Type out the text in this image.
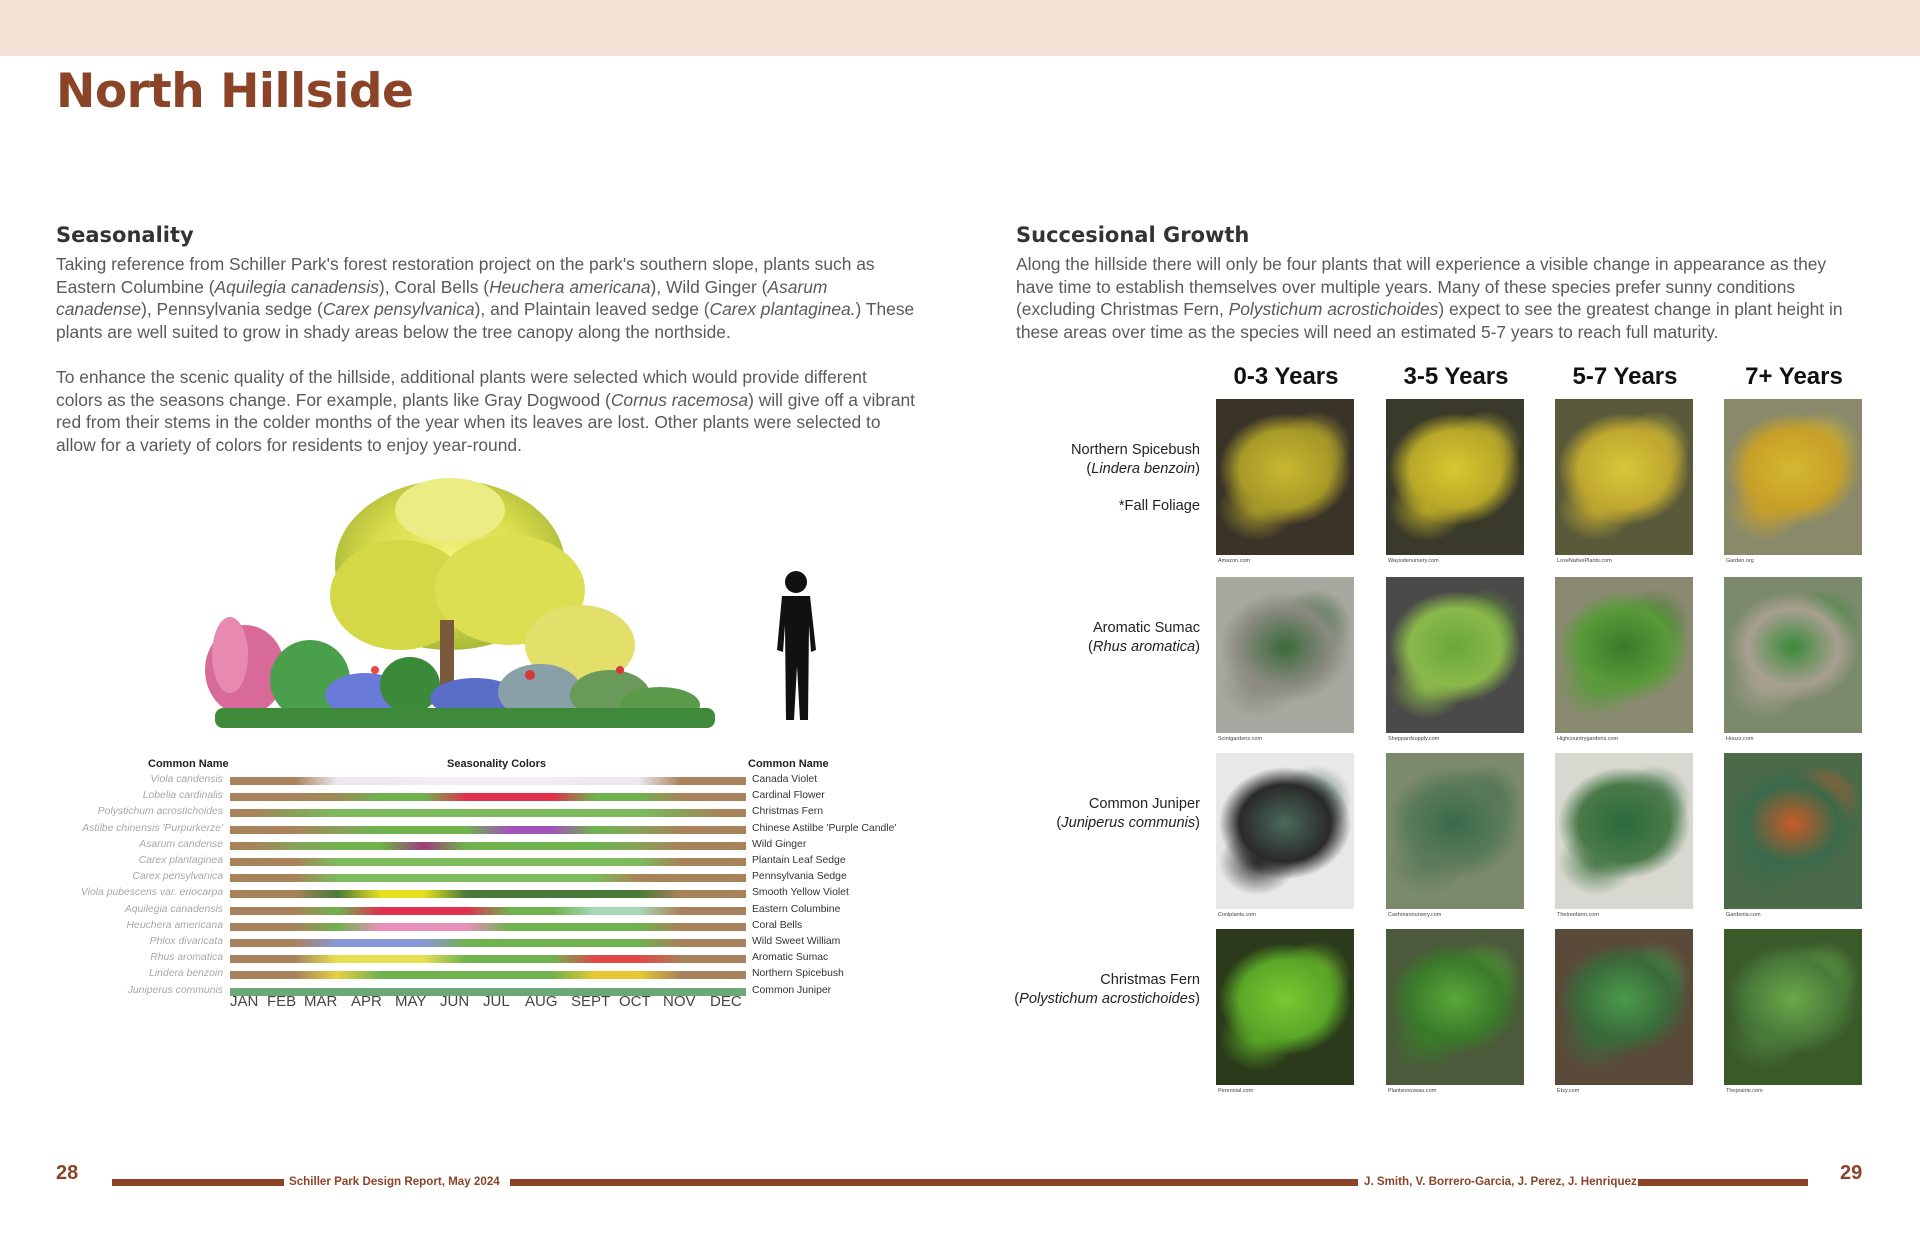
North Hillside
Seasonality

Taking reference from Schiller Park's forest restoration project on the park's southern slope, plants such as Eastern Columbine (Aquilegia canadensis), Coral Bells (Heuchera americana), Wild Ginger (Asarum canadense), Pennsylvania sedge (Carex pensylvanica), and Plaintain leaved sedge (Carex plantaginea.) These plants are well suited to grow in shady areas below the tree canopy along the northside.

To enhance the scenic quality of the hillside, additional plants were selected which would provide different colors as the seasons change. For example, plants like Gray Dogwood (Cornus racemosa) will give off a vibrant red from their stems in the colder months of the year when its leaves are lost. Other plants were selected to allow for a variety of colors for residents to enjoy year-round.

Common Name	Seasonality Colors	Common Name
Viola candensis	Canada Violet
Lobelia cardinalis	Cardinal Flower
Polystichum acrostichoides	Christmas Fern
Astilbe chinensis 'Purpurkerze'	Chinese Astilbe 'Purple Candle'
Asarum candense	Wild Ginger
Carex plantaginea	Plantain Leaf Sedge
Carex pensylvanica	Pennsylvania Sedge
Viola pubescens var. eriocarpa	Smooth Yellow Violet
Aquilegia canadensis	Eastern Columbine
Heuchera americana	Coral Bells
Phlox divaricata	Wild Sweet William
Rhus aromatica	Aromatic Sumac
Lindera benzoin	Northern Spicebush
Juniperus communis	Common Juniper
JAN FEB MAR APR MAY JUN JUL AUG SEPT OCT NOV DEC
Succesional Growth

Along the hillside there will only be four plants that will experience a visible change in appearance as they have time to establish themselves over multiple years. Many of these species prefer sunny conditions (excluding Christmas Fern, Polystichum acrostichoides) expect to see the greatest change in plant height in these areas over time as the species will need an estimated 5-7 years to reach full maturity.

0-3 Years	3-5 Years	5-7 Years	7+ Years
Northern Spicebush
(Lindera benzoin)
*Fall Foliage
Amazon.com	Waysidenursery.com	LoveNativePlants.com	Garden.org
Aromatic Sumac
(Rhus aromatica)
Scintgardens.com	Sheppardsupply.com	Highcountrygardens.com	Houzz.com
Common Juniper
(Juniperus communis)
Coolplants.com	Cashmannursery.com	Thetreefarm.com	Gardenia.com
Christmas Fern
(Polystichum acrostichoides)
Perennial.com	Plantsnouveau.com	Etsy.com	Theprairie.com
28	Schiller Park Design Report, May 2024	J. Smith, V. Borrero-Garcia, J. Perez, J. Henriquez	29
